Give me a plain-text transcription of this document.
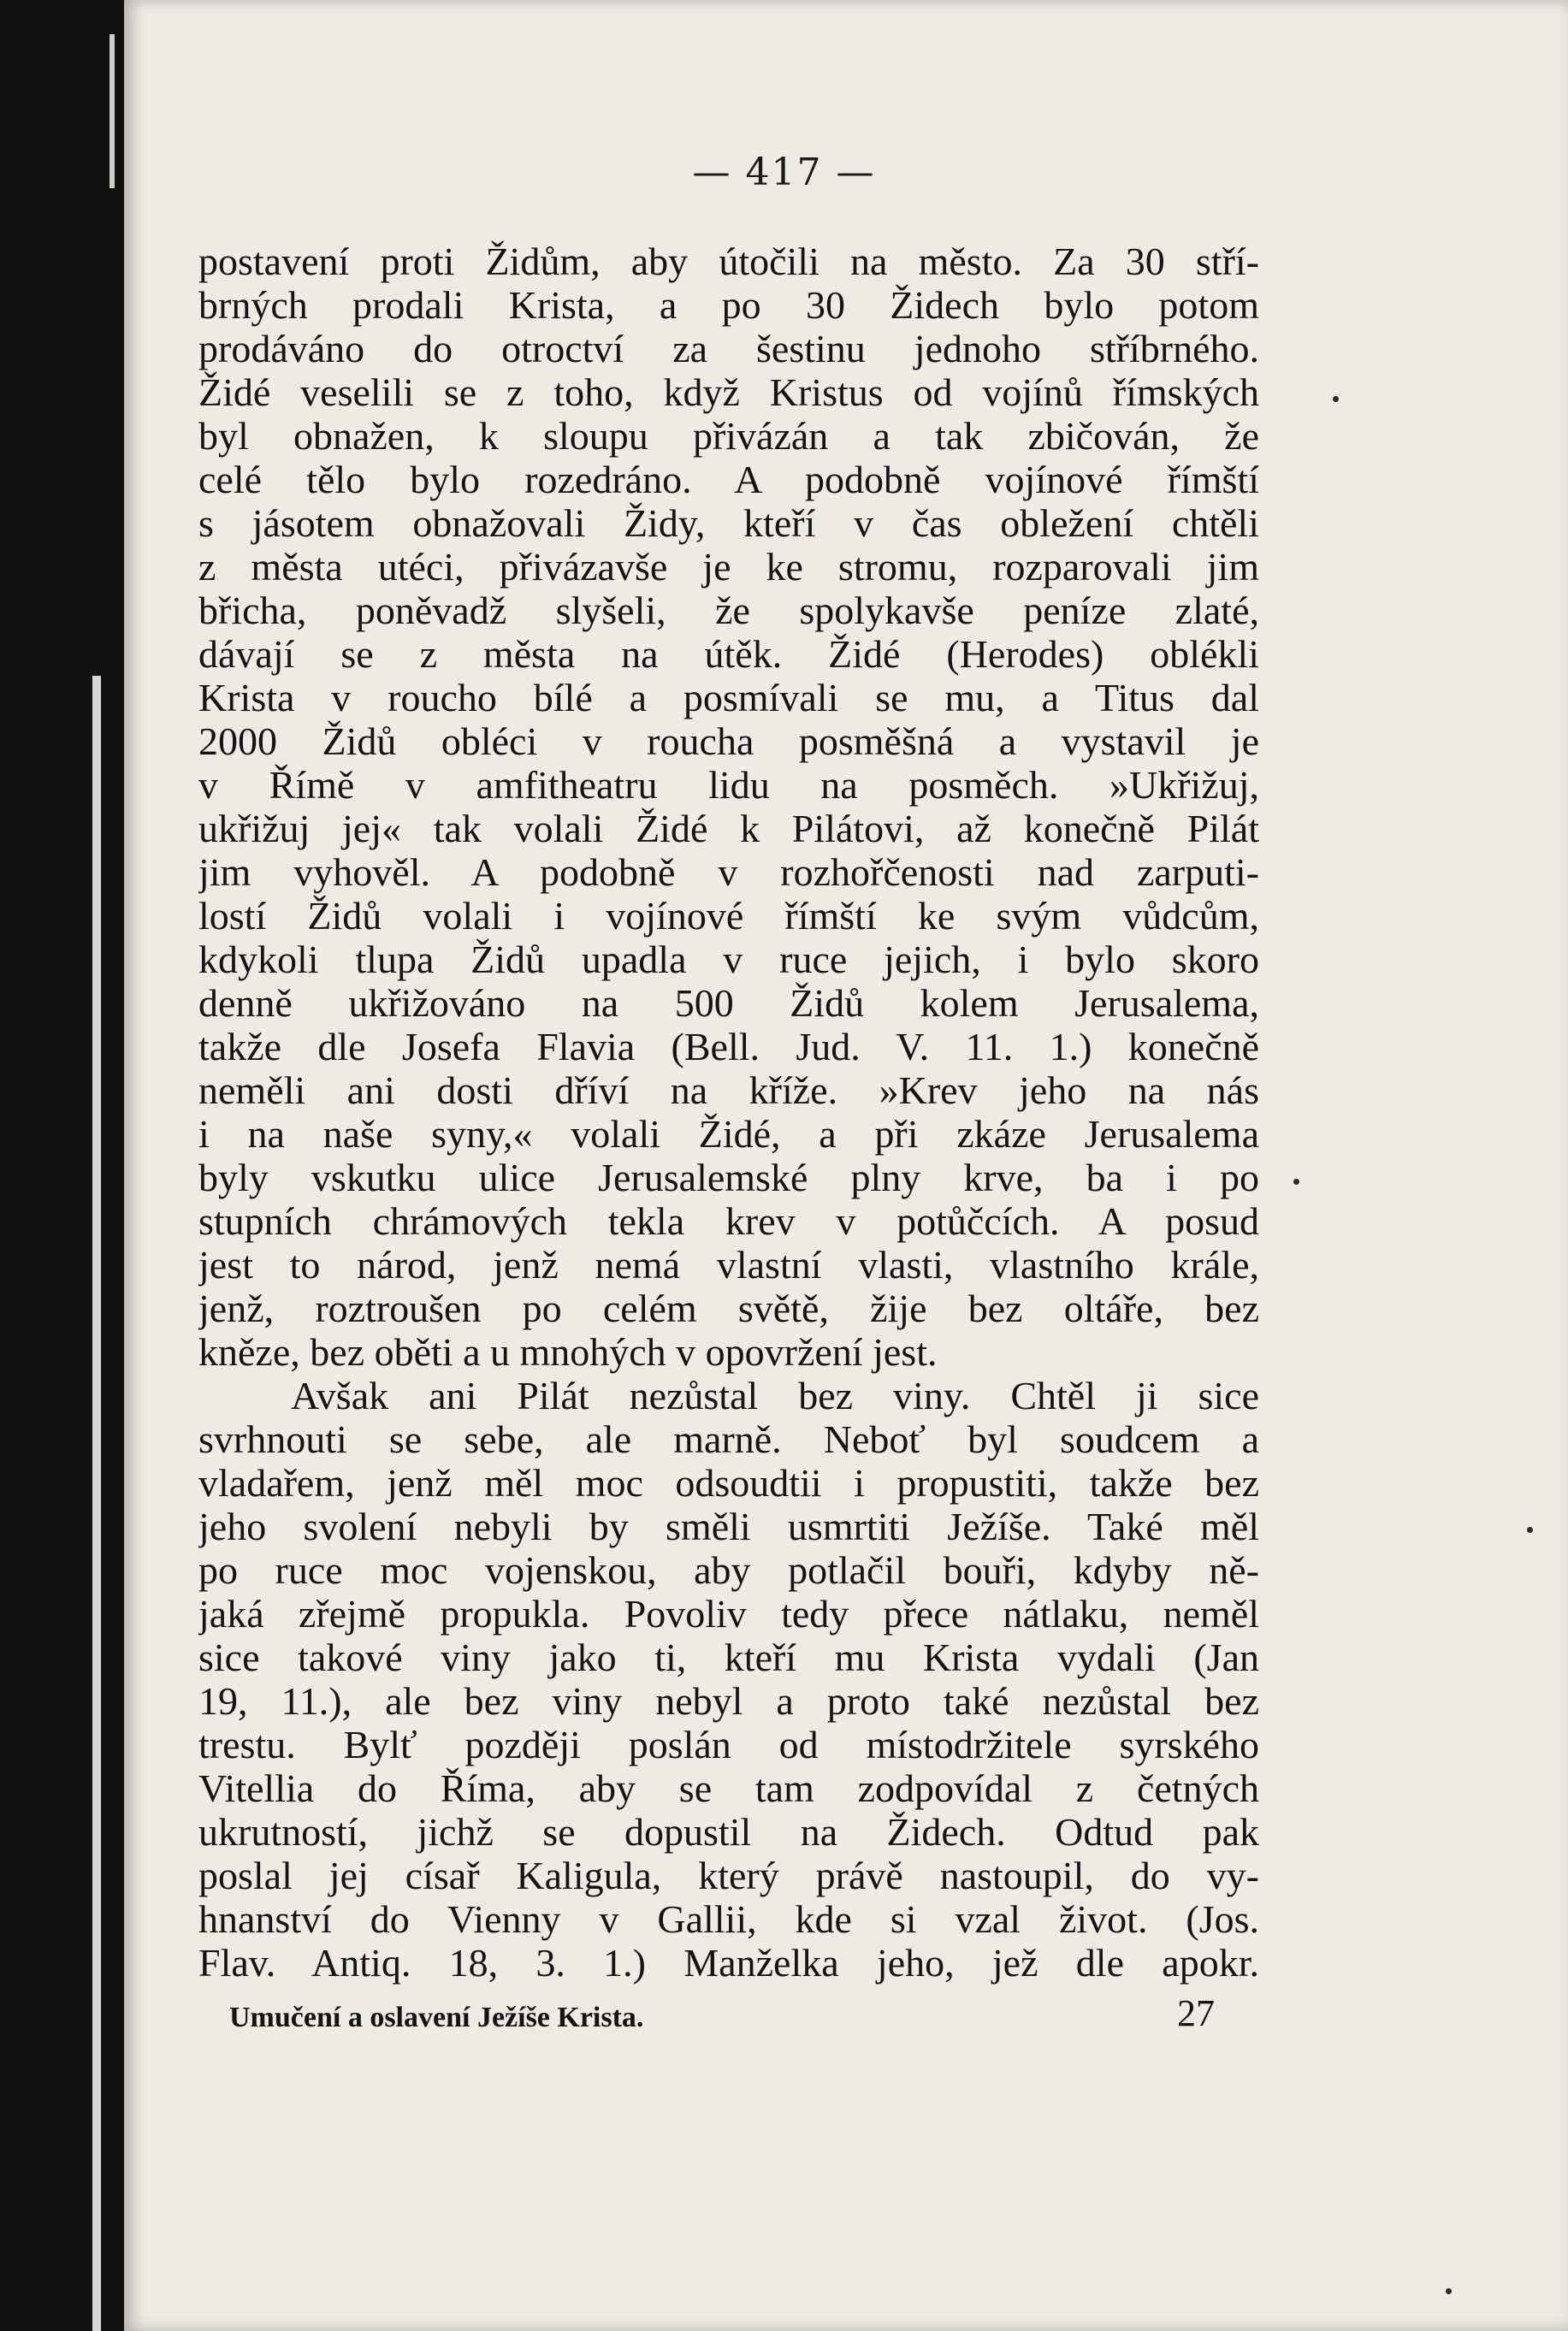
— 417 —
postavení proti Židům, aby útočili na město. Za 30 stří-
brných prodali Krista, a po 30 Židech bylo potom
prodáváno do otroctví za šestinu jednoho stříbrného.
Židé veselili se z toho, když Kristus od vojínů římských
byl obnažen, k sloupu přivázán a tak zbičován, že
celé tělo bylo rozedráno. A podobně vojínové římští
s jásotem obnažovali Židy, kteří v čas obležení chtěli
z města utéci, přivázavše je ke stromu, rozparovali jim
břicha, poněvadž slyšeli, že spolykavše peníze zlaté,
dávají se z města na útěk. Židé (Herodes) oblékli
Krista v roucho bílé a posmívali se mu, a Titus dal
2000 Židů obléci v roucha posměšná a vystavil je
v Římě v amfitheatru lidu na posměch. »Ukřižuj,
ukřižuj jej« tak volali Židé k Pilátovi, až konečně Pilát
jim vyhověl. A podobně v rozhořčenosti nad zarputi-
lostí Židů volali i vojínové římští ke svým vůdcům,
kdykoli tlupa Židů upadla v ruce jejich, i bylo skoro
denně ukřižováno na 500 Židů kolem Jerusalema,
takže dle Josefa Flavia (Bell. Jud. V. 11. 1.) konečně
neměli ani dosti dříví na kříže. »Krev jeho na nás
i na naše syny,« volali Židé, a při zkáze Jerusalema
byly vskutku ulice Jerusalemské plny krve, ba i po
stupních chrámových tekla krev v potůčcích. A posud
jest to národ, jenž nemá vlastní vlasti, vlastního krále,
jenž, roztroušen po celém světě, žije bez oltáře, bez
kněze, bez oběti a u mnohých v opovržení jest.
Avšak ani Pilát nezůstal bez viny. Chtěl ji sice
svrhnouti se sebe, ale marně. Neboť byl soudcem a
vladařem, jenž měl moc odsoudtii i propustiti, takže bez
jeho svolení nebyli by směli usmrtiti Ježíše. Také měl
po ruce moc vojenskou, aby potlačil bouři, kdyby ně-
jaká zřejmě propukla. Povoliv tedy přece nátlaku, neměl
sice takové viny jako ti, kteří mu Krista vydali (Jan
19, 11.), ale bez viny nebyl a proto také nezůstal bez
trestu. Bylť později poslán od místodržitele syrského
Vitellia do Říma, aby se tam zodpovídal z četných
ukrutností, jichž se dopustil na Židech. Odtud pak
poslal jej císař Kaligula, který právě nastoupil, do vy-
hnanství do Vienny v Gallii, kde si vzal život. (Jos.
Flav. Antiq. 18, 3. 1.) Manželka jeho, jež dle apokr.
Umučení a oslavení Ježíše Krista.	27
